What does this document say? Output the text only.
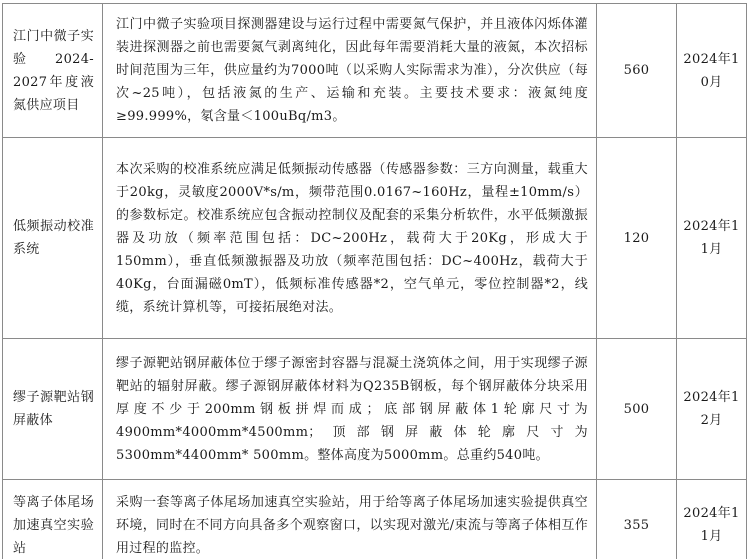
江门中微子实验2024-2027年度液氮供应项目	江门中微子实验项目探测器建设与运行过程中需要氮气保护，并且液体闪烁体灌装进探测器之前也需要氮气剥离纯化，因此每年需要消耗大量的液氮，本次招标时间范围为三年，供应量约为7000吨（以采购人实际需求为准），分次供应（每次~25吨），包括液氮的生产、运输和充装。主要技术要求：液氮纯度≥99.999%，氡含量＜100uBq/m3。	560	2024年10月
低频振动校准系统	本次采购的校准系统应满足低频振动传感器（传感器参数：三方向测量，载重大于20kg，灵敏度2000V*s/m，频带范围0.0167~160Hz，量程±10mm/s）的参数标定。校准系统应包含振动控制仪及配套的采集分析软件，水平低频激振器及功放（频率范围包括：DC~200Hz，载荷大于20Kg，形成大于150mm），垂直低频激振器及功放（频率范围包括：DC~400Hz，载荷大于40Kg，台面漏磁0mT），低频标准传感器*2，空气单元，零位控制器*2，线缆，系统计算机等，可接拓展绝对法。	120	2024年11月
缪子源靶站钢屏蔽体	缪子源靶站钢屏蔽体位于缪子源密封容器与混凝土浇筑体之间，用于实现缪子源靶站的辐射屏蔽。缪子源钢屏蔽体材料为Q235B钢板，每个钢屏蔽体分块采用厚度不少于200mm钢板拼焊而成；底部钢屏蔽体1轮廓尺寸为4900mm*4000mm*4500mm；顶部钢屏蔽体轮廓尺寸为5300mm*4400mm* 500mm。整体高度为5000mm。总重约540吨。	500	2024年12月
等离子体尾场加速真空实验站	采购一套等离子体尾场加速真空实验站，用于给等离子体尾场加速实验提供真空环境，同时在不同方向具备多个观察窗口，以实现对激光/束流与等离子体相互作用过程的监控。	355	2024年11月
